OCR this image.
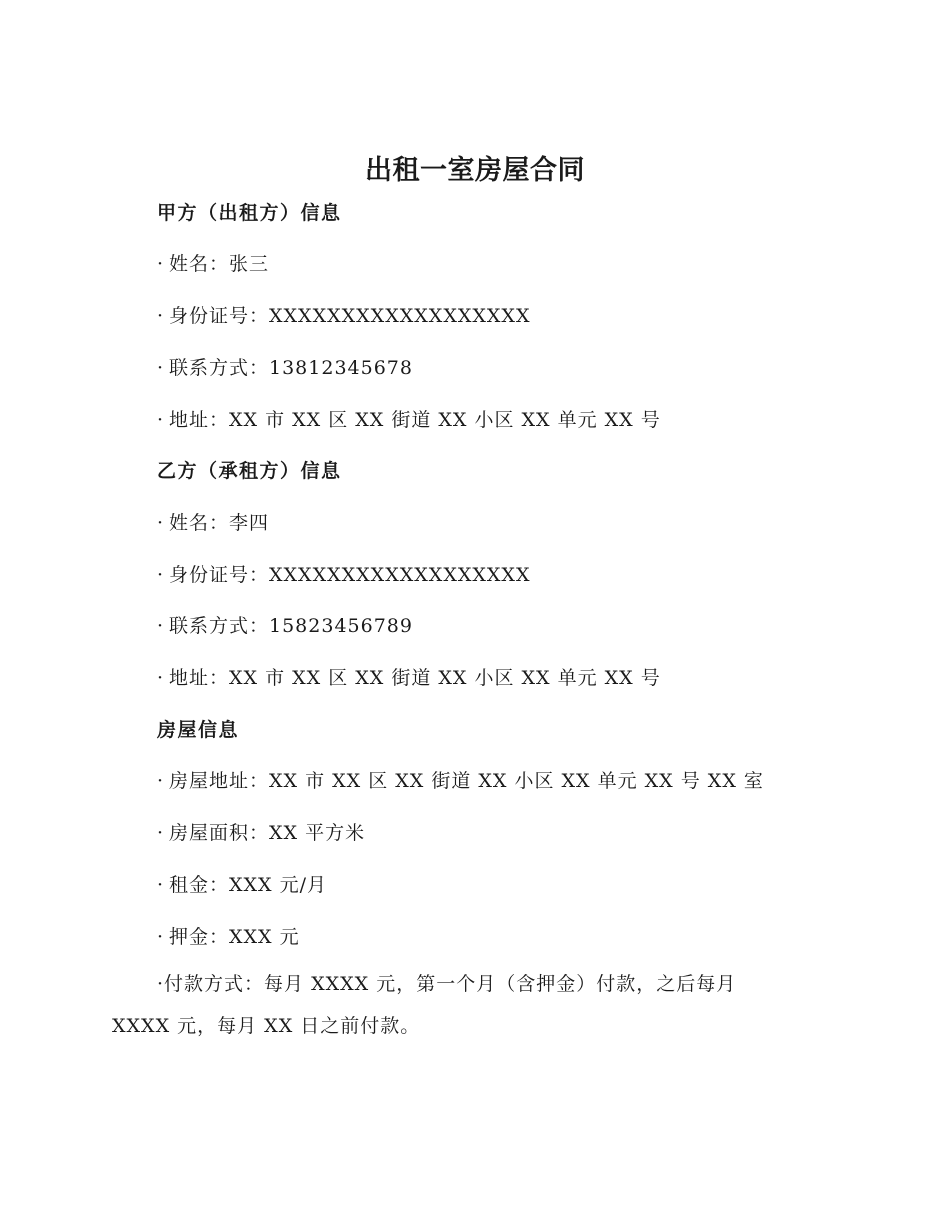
出租一室房屋合同
甲方（出租方）信息

· 姓名：张三

· 身份证号：XXXXXXXXXXXXXXXXXX

· 联系方式：13812345678

· 地址：XX 市 XX 区 XX 街道 XX 小区 XX 单元 XX 号

乙方（承租方）信息

· 姓名：李四

· 身份证号：XXXXXXXXXXXXXXXXXX

· 联系方式：15823456789

· 地址：XX 市 XX 区 XX 街道 XX 小区 XX 单元 XX 号

房屋信息

· 房屋地址：XX 市 XX 区 XX 街道 XX 小区 XX 单元 XX 号 XX 室

· 房屋面积：XX 平方米

· 租金：XXX 元/月

· 押金：XXX 元

·付款方式：每月 XXXX 元，第一个月（含押金）付款，之后每月 XXXX 元，每月 XX 日之前付款。
